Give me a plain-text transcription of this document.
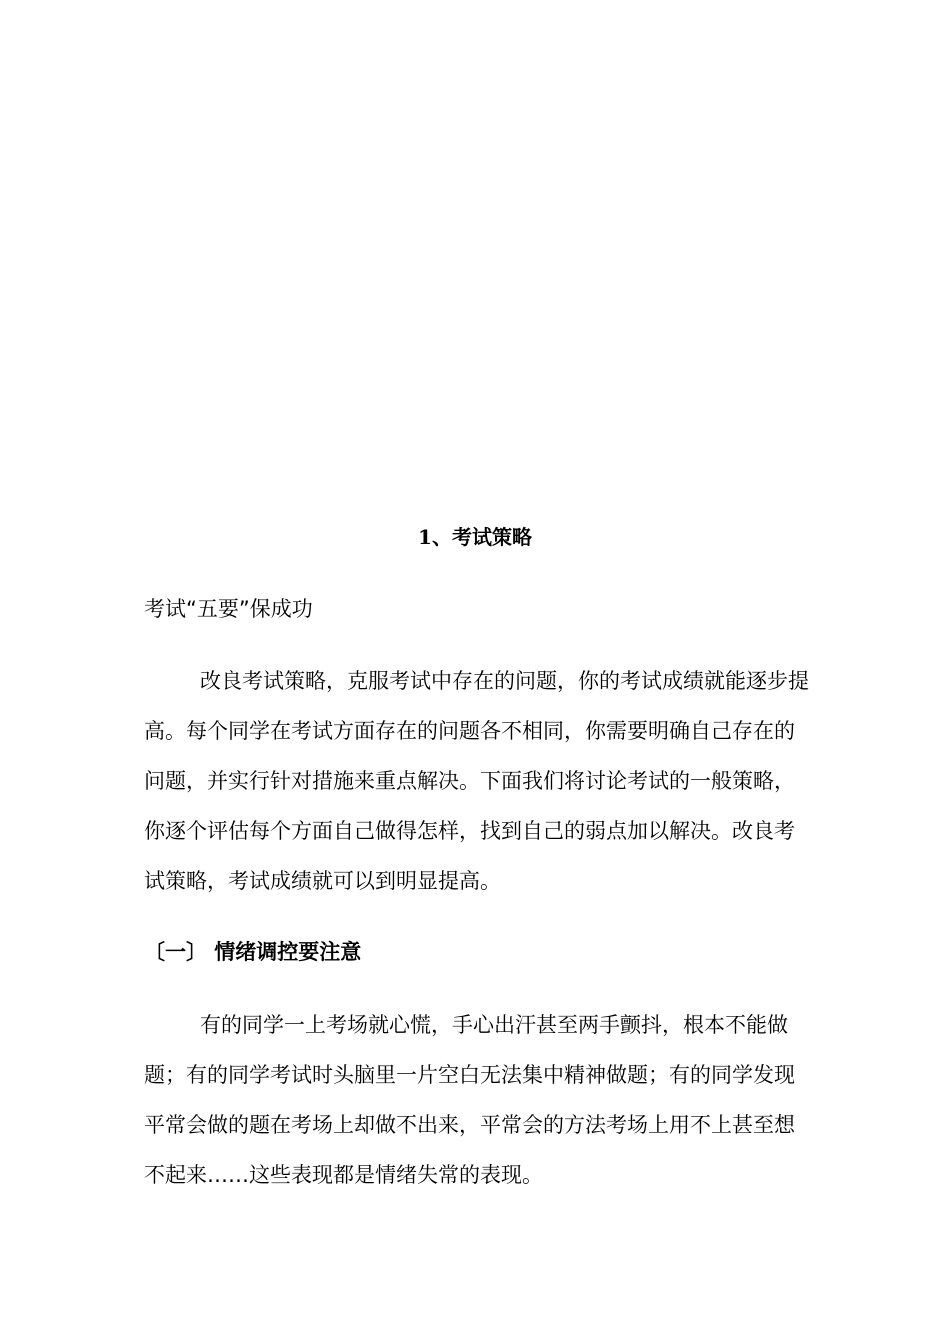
1、考试策略
考试“五要”保成功

改良考试策略，克服考试中存在的问题，你的考试成绩就能逐步提高。每个同学在考试方面存在的问题各不相同，你需要明确自己存在的问题，并实行针对措施来重点解决。下面我们将讨论考试的一般策略，你逐个评估每个方面自己做得怎样，找到自己的弱点加以解决。改良考试策略，考试成绩就可以到明显提高。

〔一〕 情绪调控要注意

有的同学一上考场就心慌，手心出汗甚至两手颤抖，根本不能做题；有的同学考试时头脑里一片空白无法集中精神做题；有的同学发现平常会做的题在考场上却做不出来，平常会的方法考场上用不上甚至想不起来……这些表现都是情绪失常的表现。
